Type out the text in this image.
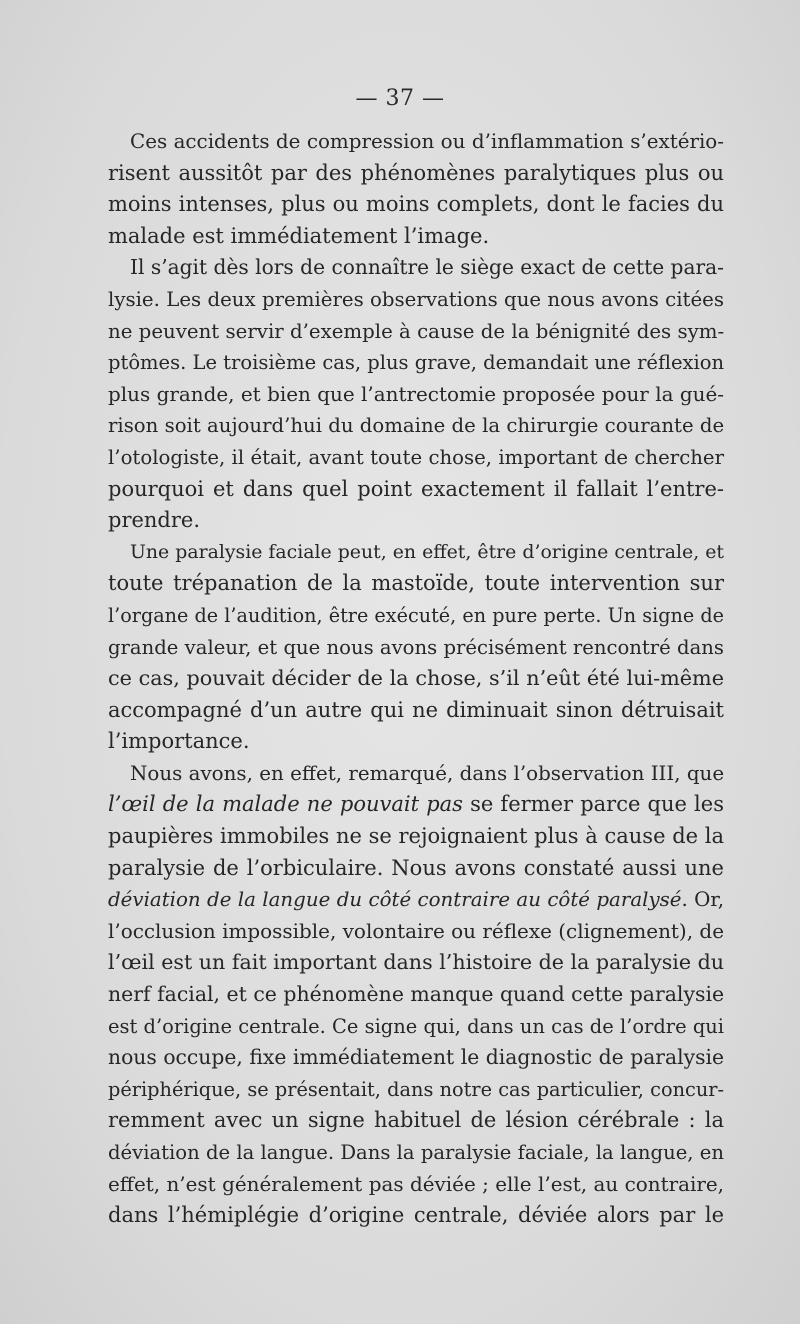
— 37 —

Ces accidents de compression ou d’inflammation s’extério-
risent aussitôt par des phénomènes paralytiques plus ou
moins intenses, plus ou moins complets, dont le facies du
malade est immédiatement l’image.

Il s’agit dès lors de connaître le siège exact de cette para-
lysie. Les deux premières observations que nous avons citées
ne peuvent servir d’exemple à cause de la bénignité des sym-
ptômes. Le troisième cas, plus grave, demandait une réflexion
plus grande, et bien que l’antrectomie proposée pour la gué-
rison soit aujourd’hui du domaine de la chirurgie courante de
l’otologiste, il était, avant toute chose, important de chercher
pourquoi et dans quel point exactement il fallait l’entre-
prendre.

Une paralysie faciale peut, en effet, être d’origine centrale, et
toute trépanation de la mastoïde, toute intervention sur
l’organe de l’audition, être exécuté, en pure perte. Un signe de
grande valeur, et que nous avons précisément rencontré dans
ce cas, pouvait décider de la chose, s’il n’eût été lui-même
accompagné d’un autre qui ne diminuait sinon détruisait
l’importance.

Nous avons, en effet, remarqué, dans l’observation III, que
l’œil de la malade ne pouvait pas se fermer parce que les
paupières immobiles ne se rejoignaient plus à cause de la
paralysie de l’orbiculaire. Nous avons constaté aussi une
déviation de la langue du côté contraire au côté paralysé. Or,
l’occlusion impossible, volontaire ou réflexe (clignement), de
l’œil est un fait important dans l’histoire de la paralysie du
nerf facial, et ce phénomène manque quand cette paralysie
est d’origine centrale. Ce signe qui, dans un cas de l’ordre qui
nous occupe, fixe immédiatement le diagnostic de paralysie
périphérique, se présentait, dans notre cas particulier, concur-
remment avec un signe habituel de lésion cérébrale : la
déviation de la langue. Dans la paralysie faciale, la langue, en
effet, n’est généralement pas déviée ; elle l’est, au contraire,
dans l’hémiplégie d’origine centrale, déviée alors par le
